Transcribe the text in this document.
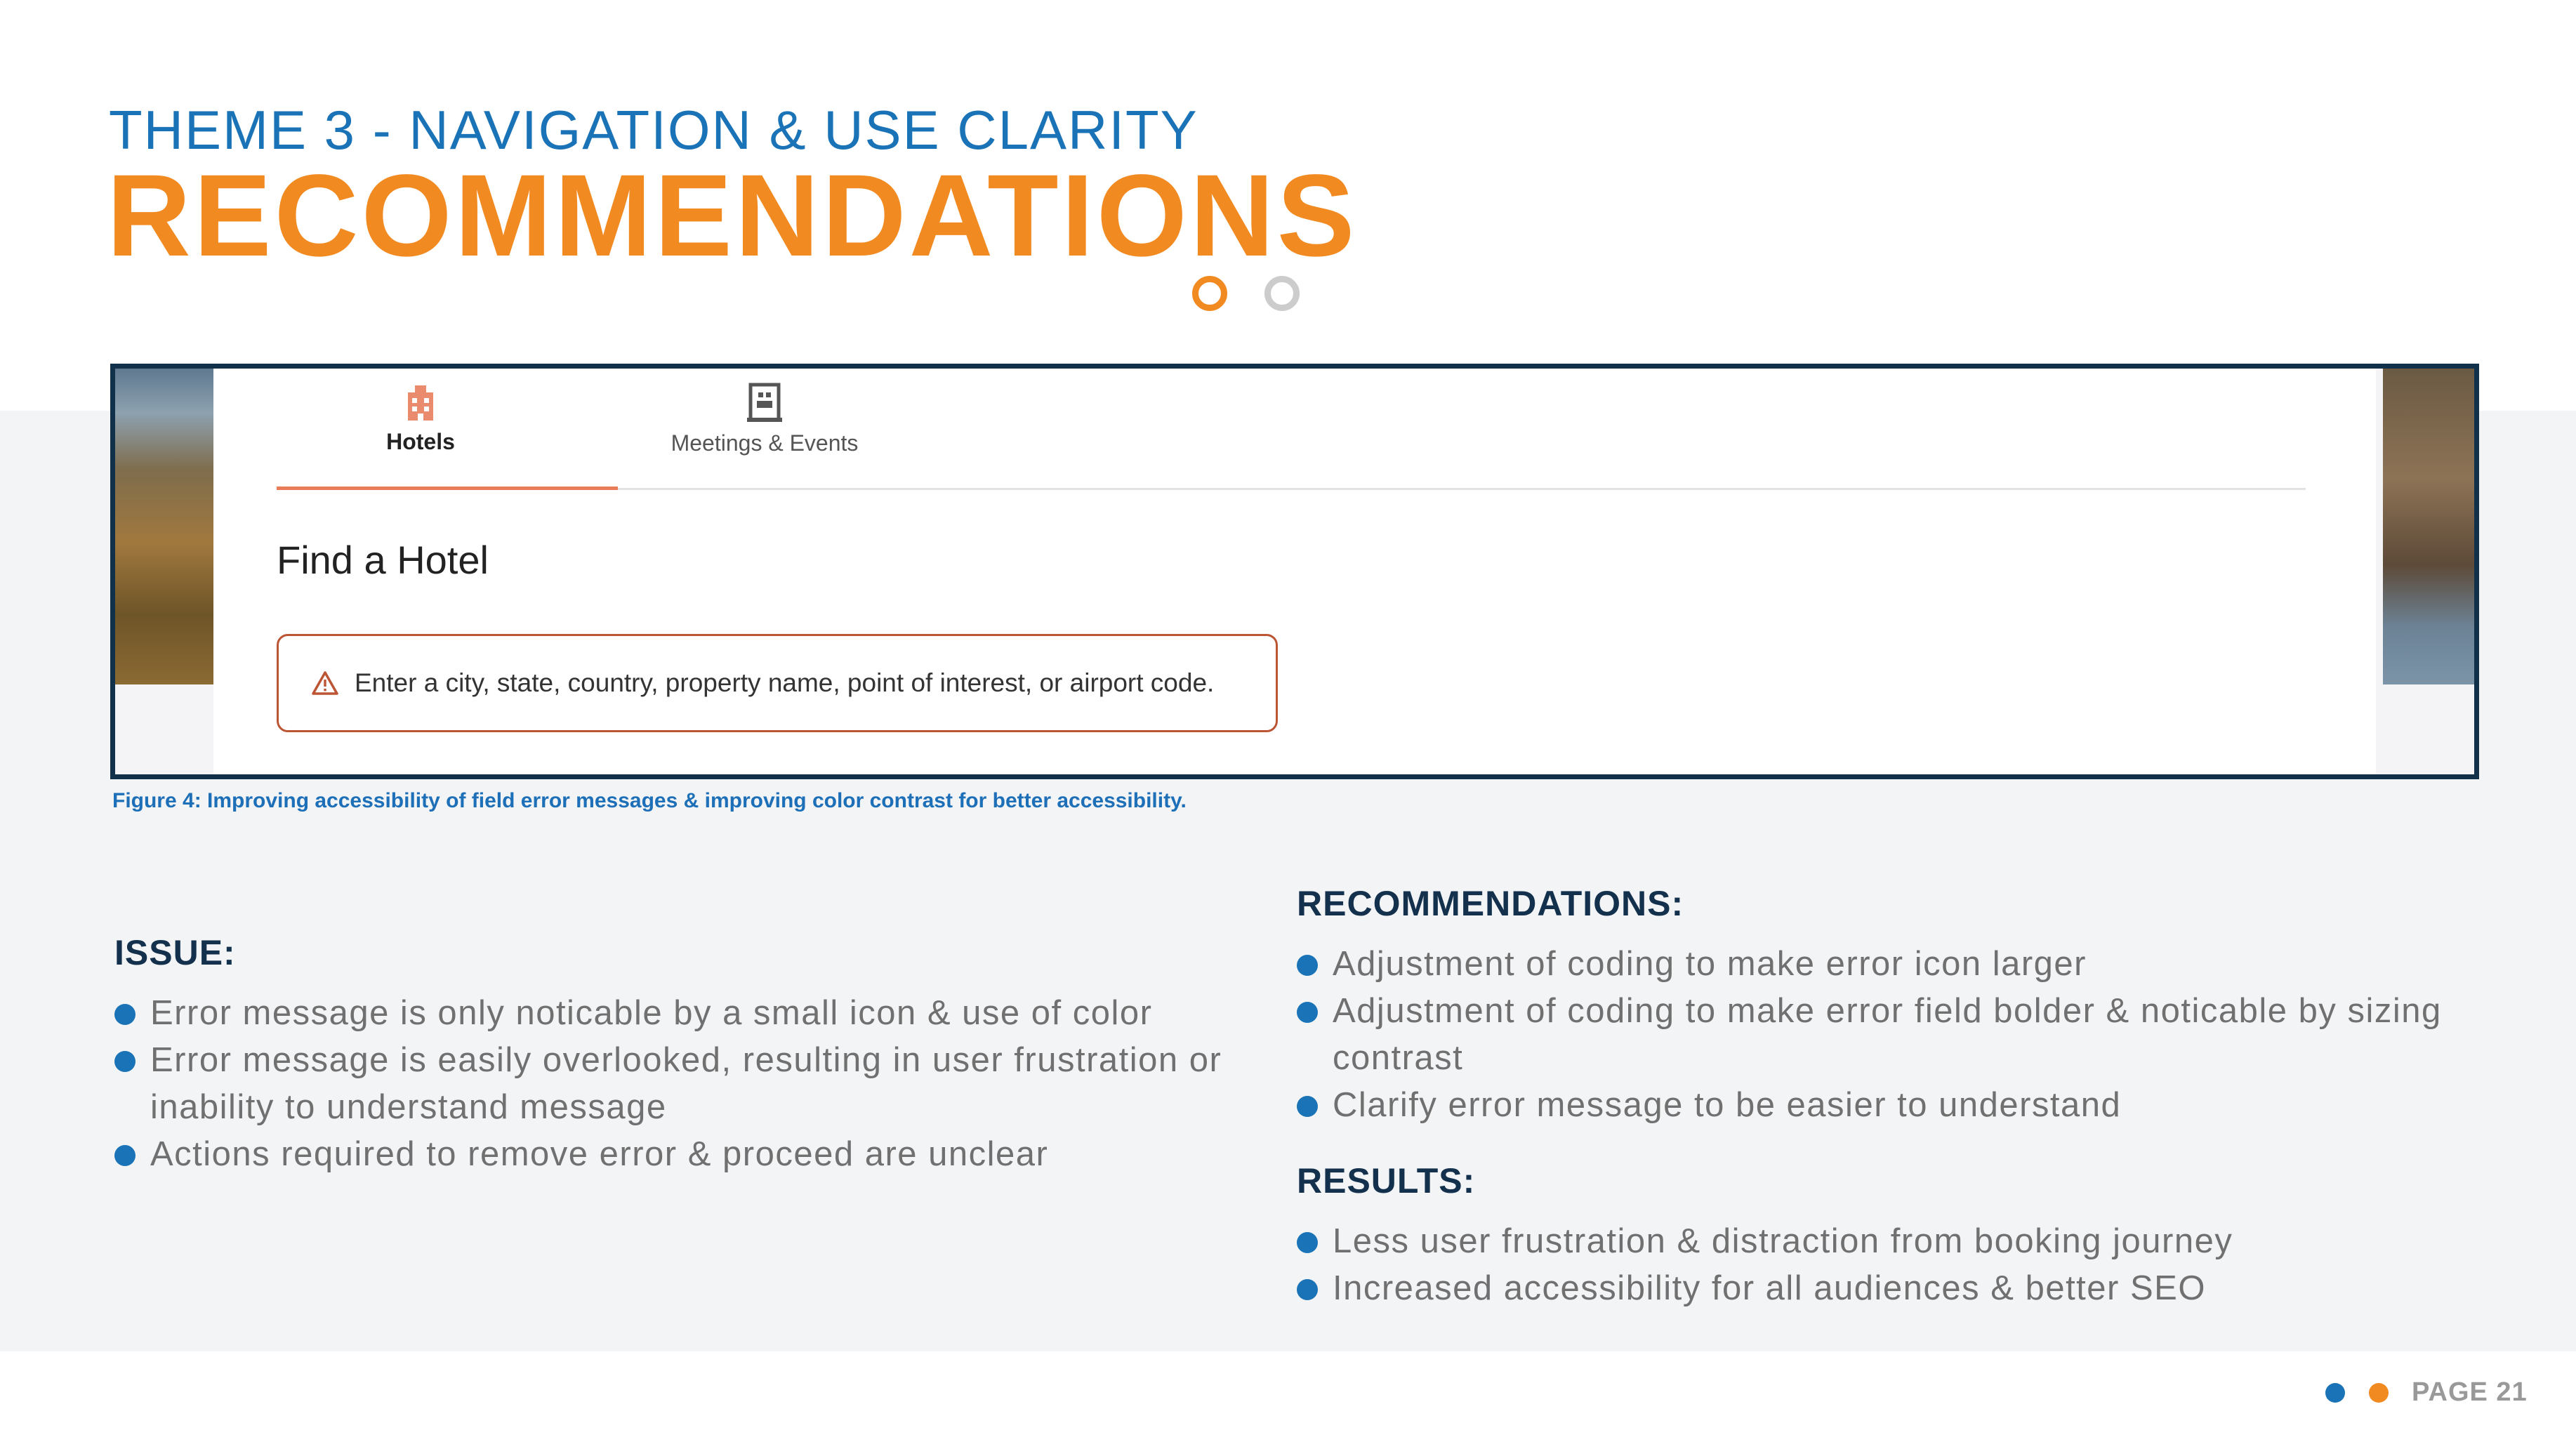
THEME 3 - NAVIGATION & USE CLARITY
RECOMMENDATIONS
Hotels	Meetings & Events
Find a Hotel
Enter a city, state, country, property name, point of interest, or airport code.
Figure 4: Improving accessibility of field error messages & improving color contrast for better accessibility.
ISSUE:
Error message is only noticable by a small icon & use of color
Error message is easily overlooked, resulting in user frustration or inability to understand message
Actions required to remove error & proceed are unclear
RECOMMENDATIONS:
Adjustment of coding to make error icon larger
Adjustment of coding to make error field bolder & noticable by sizing contrast
Clarify error message to be easier to understand
RESULTS:
Less user frustration & distraction from booking journey
Increased accessibility for all audiences & better SEO
PAGE 21
